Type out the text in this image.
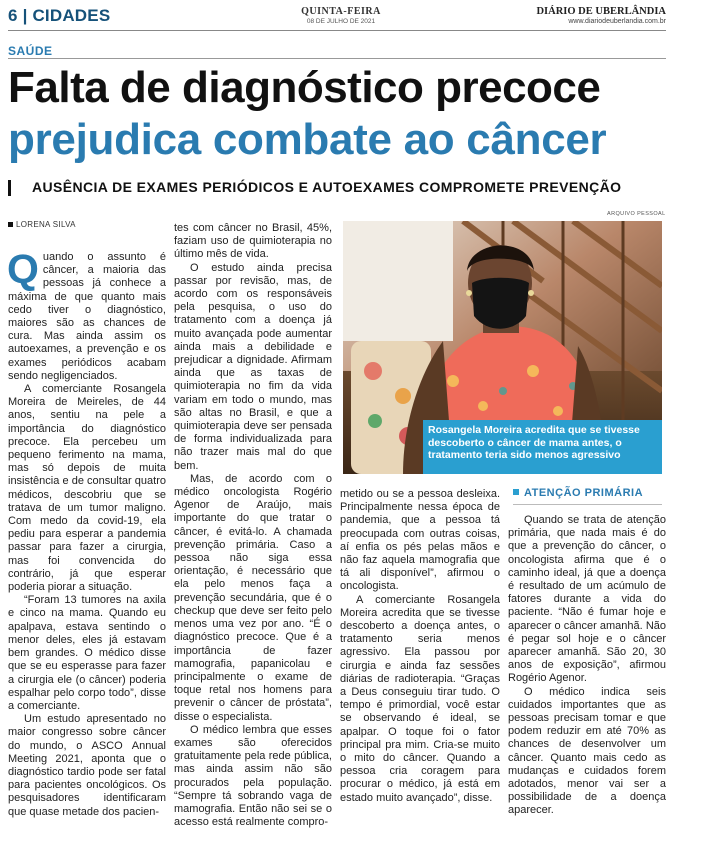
6 | CIDADES	QUINTA-FEIRA
08 DE JULHO DE 2021
DIÁRIO DE UBERLÂNDIA
www.diariodeuberlandia.com.br
SAÚDE
Falta de diagnóstico precoce
prejudica combate ao câncer
AUSÊNCIA DE EXAMES PERIÓDICOS E AUTOEXAMES COMPROMETE PREVENÇÃO
LORENA SILVA

Quando o assunto é câncer, a maioria das pessoas já conhece a máxima de que quanto mais cedo tiver o diagnóstico, maiores são as chances de cura. Mas ainda assim os autoexames, a prevenção e os exames periódicos acabam sendo negligenciados.

A comerciante Rosangela Moreira de Meireles, de 44 anos, sentiu na pele a importância do diagnóstico precoce. Ela percebeu um pequeno ferimento na mama, mas só depois de muita insistência e de consultar quatro médicos, descobriu que se tratava de um tumor maligno. Com medo da covid-19, ela pediu para esperar a pandemia passar para fazer a cirurgia, mas foi convencida do contrário, já que esperar poderia piorar a situação.

“Foram 13 tumores na axila e cinco na mama. Quando eu apalpava, estava sentindo o menor deles, eles já estavam bem grandes. O médico disse que se eu esperasse para fazer a cirurgia ele (o câncer) poderia espalhar pelo corpo todo”, disse a comerciante.

Um estudo apresentado no maior congresso sobre câncer do mundo, o ASCO Annual Meeting 2021, aponta que o diagnóstico tardio pode ser fatal para pacientes oncológicos. Os pesquisadores identificaram que quase metade dos pacien-

tes com câncer no Brasil, 45%, faziam uso de quimioterapia no último mês de vida.

O estudo ainda precisa passar por revisão, mas, de acordo com os responsáveis pela pesquisa, o uso do tratamento com a doença já muito avançada pode aumentar ainda mais a debilidade e prejudicar a dignidade. Afirmam ainda que as taxas de quimioterapia no fim da vida variam em todo o mundo, mas são altas no Brasil, e que a quimioterapia deve ser pensada de forma individualizada para não trazer mais mal do que bem.

Mas, de acordo com o médico oncologista Rogério Agenor de Araújo, mais importante do que tratar o câncer, é evitá-lo. A chamada prevenção primária. Caso a pessoa não siga essa orientação, é necessário que ela pelo menos faça a prevenção secundária, que é o checkup que deve ser feito pelo menos uma vez por ano. “É o diagnóstico precoce. Que é a importância de fazer mamografia, papanicolau e principalmente o exame de toque retal nos homens para prevenir o câncer de próstata”, disse o especialista.

O médico lembra que esses exames são oferecidos gratuitamente pela rede pública, mas ainda assim não são procurados pela população. “Sempre tá sobrando vaga de mamografia. Então não sei se o acesso está realmente compro-

ARQUIVO PESSOAL
Rosangela Moreira acredita que se tivesse descoberto o câncer de mama antes, o tratamento teria sido menos agressivo

metido ou se a pessoa desleixa. Principalmente nessa época de pandemia, que a pessoa tá preocupada com outras coisas, aí enfia os pés pelas mãos e não faz aquela mamografia que tá ali disponível”, afirmou o oncologista.

A comerciante Rosangela Moreira acredita que se tivesse descoberto a doença antes, o tratamento seria menos agressivo. Ela passou por cirurgia e ainda faz sessões diárias de radioterapia. “Graças a Deus conseguiu tirar tudo. O tempo é primordial, você estar se observando é ideal, se apalpar. O toque foi o fator principal pra mim. Cria-se muito o mito do câncer. Quando a pessoa cria coragem para procurar o médico, já está em estado muito avançado”, disse.

ATENÇÃO PRIMÁRIA

Quando se trata de atenção primária, que nada mais é do que a prevenção do câncer, o oncologista afirma que é o caminho ideal, já que a doença é resultado de um acúmulo de fatores durante a vida do paciente. “Não é fumar hoje e aparecer o câncer amanhã. Não é pegar sol hoje e o câncer aparecer amanhã. São 20, 30 anos de exposição”, afirmou Rogério Agenor.

O médico indica seis cuidados importantes que as pessoas precisam tomar e que podem reduzir em até 70% as chances de desenvolver um câncer. Quanto mais cedo as mudanças e cuidados forem adotados, menor vai ser a possibilidade de a doença aparecer.
